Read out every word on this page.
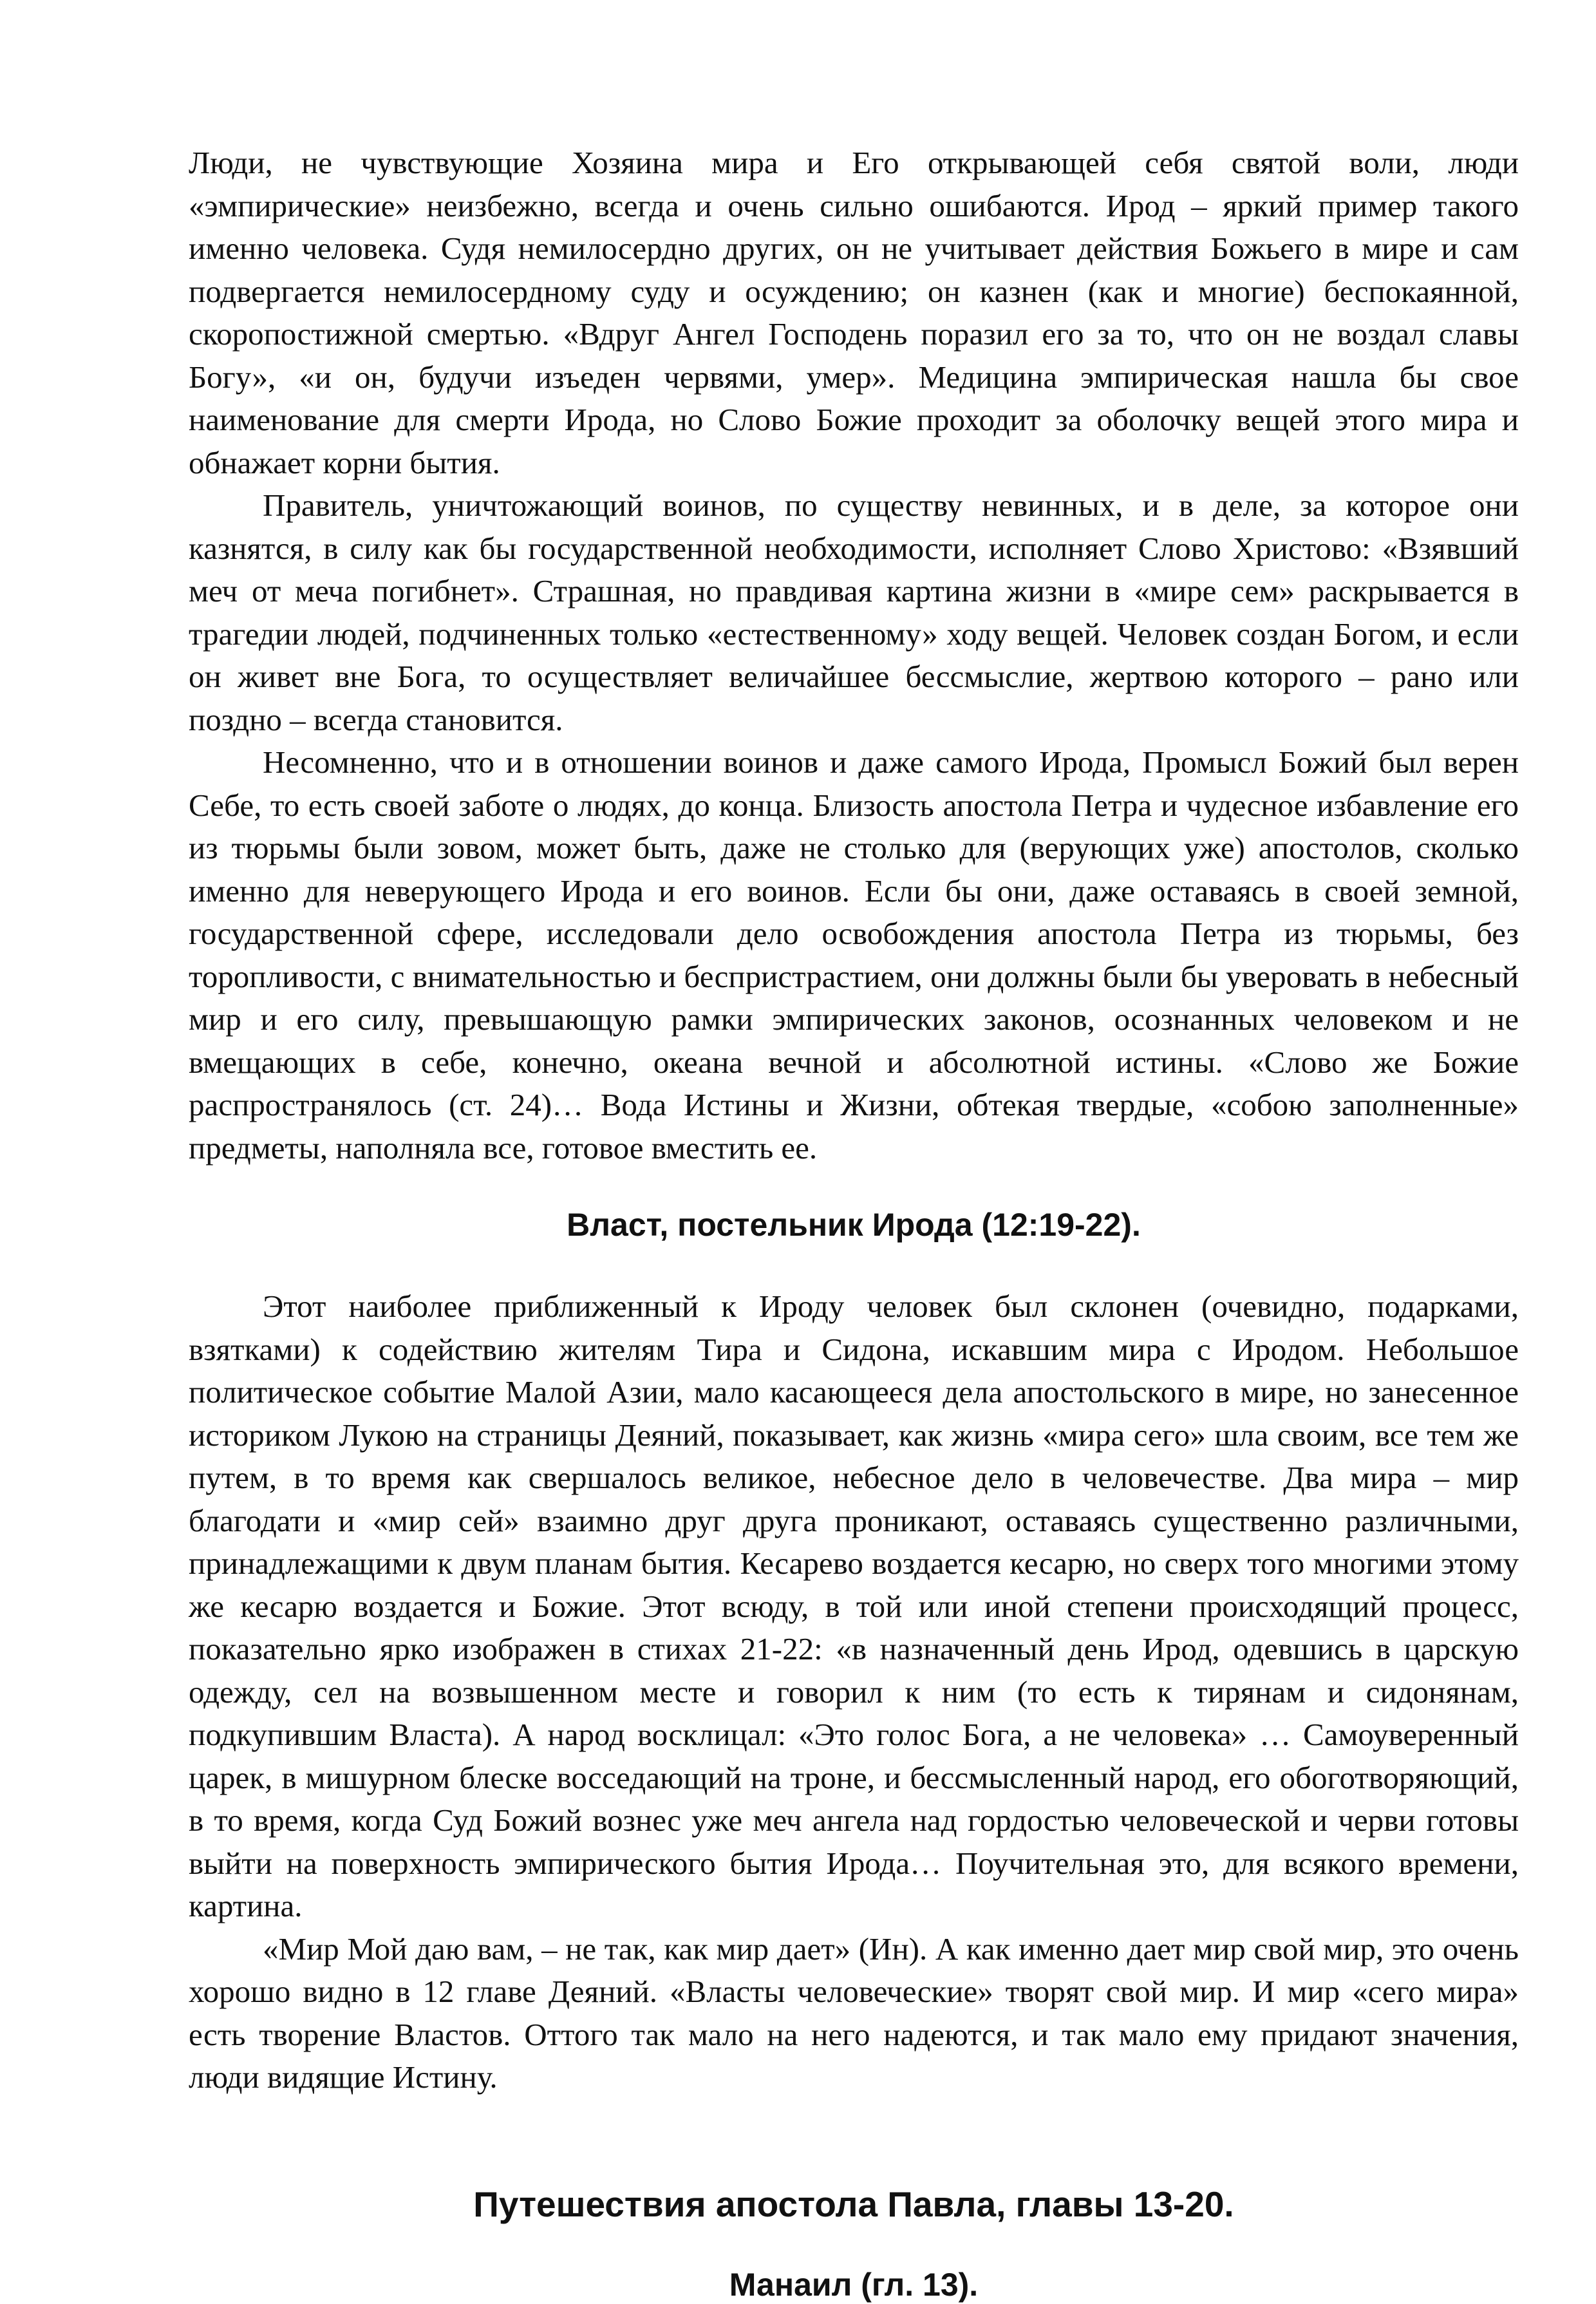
Люди, не чувствующие Хозяина мира и Его открывающей себя святой воли, люди «эмпирические» неизбежно, всегда и очень сильно ошибаются. Ирод – яркий пример такого именно человека. Судя немилосердно других, он не учитывает действия Божьего в мире и сам подвергается немилосердному суду и осуждению; он казнен (как и многие) беспокаянной, скоропостижной смертью. «Вдруг Ангел Господень поразил его за то, что он не воздал славы Богу», «и он, будучи изъеден червями, умер». Медицина эмпирическая нашла бы свое наименование для смерти Ирода, но Слово Божие проходит за оболочку вещей этого мира и обнажает корни бытия.

Правитель, уничтожающий воинов, по существу невинных, и в деле, за которое они казнятся, в силу как бы государственной необходимости, исполняет Слово Христово: «Взявший меч от меча погибнет». Страшная, но правдивая картина жизни в «мире сем» раскрывается в трагедии людей, подчиненных только «естественному» ходу вещей. Человек создан Богом, и если он живет вне Бога, то осуществляет величайшее бессмыслие, жертвою которого – рано или поздно – всегда становится.

Несомненно, что и в отношении воинов и даже самого Ирода, Промысл Божий был верен Себе, то есть своей заботе о людях, до конца. Близость апостола Петра и чудесное избавление его из тюрьмы были зовом, может быть, даже не столько для (верующих уже) апостолов, сколько именно для неверующего Ирода и его воинов. Если бы они, даже оставаясь в своей земной, государственной сфере, исследовали дело освобождения апостола Петра из тюрьмы, без торопливости, с внимательностью и беспристрастием, они должны были бы уверовать в небесный мир и его силу, превышающую рамки эмпирических законов, осознанных человеком и не вмещающих в себе, конечно, океана вечной и абсолютной истины. «Слово же Божие распространялось (ст. 24)… Вода Истины и Жизни, обтекая твердые, «собою заполненные» предметы, наполняла все, готовое вместить ее.

Власт, постельник Ирода (12:19-22).

Этот наиболее приближенный к Ироду человек был склонен (очевидно, подарками, взятками) к содействию жителям Тира и Сидона, искавшим мира с Иродом. Небольшое политическое событие Малой Азии, мало касающееся дела апостольского в мире, но занесенное историком Лукою на страницы Деяний, показывает, как жизнь «мира сего» шла своим, все тем же путем, в то время как свершалось великое, небесное дело в человечестве. Два мира – мир благодати и «мир сей» взаимно друг друга проникают, оставаясь существенно различными, принадлежащими к двум планам бытия. Кесарево воздается кесарю, но сверх того многими этому же кесарю воздается и Божие. Этот всюду, в той или иной степени происходящий процесс, показательно ярко изображен в стихах 21-22: «в назначенный день Ирод, одевшись в царскую одежду, сел на возвышенном месте и говорил к ним (то есть к тирянам и сидонянам, подкупившим Власта). А народ восклицал: «Это голос Бога, а не человека» … Самоуверенный царек, в мишурном блеске восседающий на троне, и бессмысленный народ, его обоготворяющий, в то время, когда Суд Божий вознес уже меч ангела над гордостью человеческой и черви готовы выйти на поверхность эмпирического бытия Ирода… Поучительная это, для всякого времени, картина.

«Мир Мой даю вам, – не так, как мир дает» (Ин). А как именно дает мир свой мир, это очень хорошо видно в 12 главе Деяний. «Власты человеческие» творят свой мир. И мир «сего мира» есть творение Властов. Оттого так мало на него надеются, и так мало ему придают значения, люди видящие Истину.

Путешествия апостола Павла, главы 13-20.
Манаил (гл. 13).
